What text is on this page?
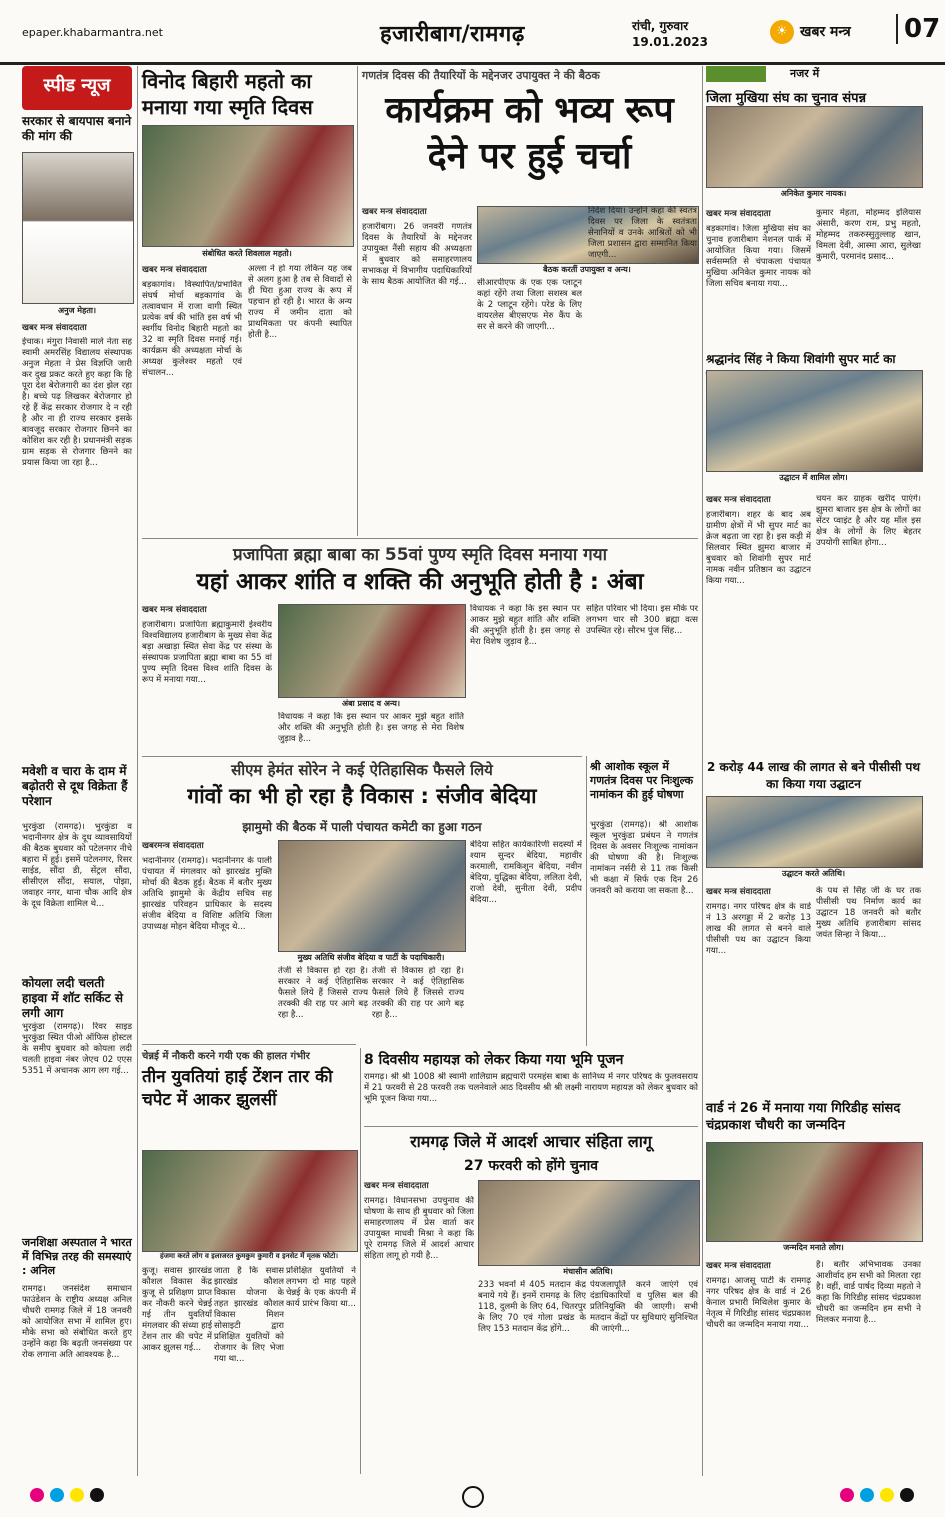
epaper.khabarmantra.net	हजारीबाग/रामगढ़	रांची, गुरुवार
19.01.2023
☀ खबर मन्त्र	07
स्पीड न्यूज
सरकार से बायपास बनाने की मांग की
अनुज मेहता।
खबर मन्त्र संवाददाता
ईचाक। मंगुरा निवासी माले नेता सह स्वामी अमरसिंह विद्यालय संस्थापक अनुज मेहता ने प्रेस विज्ञप्ति जारी कर दुख प्रकट करते हुए कहा कि हि पूरा देश बेरोजगारी का दंश झेल रहा है। बच्चे पढ़ लिखकर बेरोजगार हो रहे हैं केंद्र सरकार रोजगार दे न रही है और ना ही राज्य सरकार इसके बावजूद सरकार रोजगार छिनने का कोशिश कर रही है। प्रधानमंत्री सड़क ग्राम सड़क से रोजगार छिनने का प्रयास किया जा रहा है...
मवेशी व चारा के दाम में बढ़ोतरी से दूध विक्रेता हैं परेशान
भुरकुंडा (रामगढ़)। भुरकुंडा व भदानीनगर क्षेत्र के दूध व्यावसायियों की बैठक बुधवार को पटेलनगर नीचे बहारा में हुई। इसमें पटेलनगर, रिसर साईड, सौंदा डी, सेंट्रल सौंदा, सीसीएल सौंदा, सयाल, पोझा, जवाहर नगर, थाना चौक आदि क्षेत्र के दूध विक्रेता शामिल थे...
कोयला लदी चलती हाइवा में शॉट सर्किट से लगी आग
भुरकुंडा (रामगढ़)। रिवर साइड भुरकुंडा स्थित पीओ ऑफिस होस्टल के समीप बुधवार को कोयला लदी चलती हाइवा नंबर जेएच 02 एएस 5351 में अचानक आग लग गई...
जनशिक्षा अस्पताल ने भारत में विभिन्न तरह की समस्याएं : अनिल
रामगढ़। जनसंदेश समाधान फाउंडेशन के राष्ट्रीय अध्यक्ष अनिल चौधरी रामगढ़ जिले में 18 जनवरी को आयोजित सभा में शामिल हुए। मौके सभा को संबोधित करते हुए उन्होंने कहा कि बढ़ती जनसंख्या पर रोक लगाना अति आवश्यक है...
विनोद बिहारी महतो का मनाया गया स्मृति दिवस
संबोधित करते शिवलाल महतो।
खबर मन्त्र संवाददाता
बड़कागांव। विस्थापित/प्रभावित संघर्ष मोर्चा बड़कागांव के तत्वावधान में राजा वागी स्थित प्रत्येक वर्ष की भांति इस वर्ष भी स्वर्गीय विनोद बिहारी महतो का 32 वा स्मृति दिवस मनाई गई। कार्यक्रम की अध्यक्षता मोर्चा के अध्यक्ष कुलेश्वर महतो एवं संचालन...
अल्ला ने हो गया लेकिन यह जब से अलग हुआ है तब से विवादों से ही घिरा हुआ राज्य के रूप में पहचान हो रही है। भारत के अन्य राज्य में जमीन दाता को प्राथमिकता पर कंपनी स्थापित होती है...
गणतंत्र दिवस की तैयारियों के मद्देनजर उपायुक्त ने की बैठक
कार्यक्रम को भव्य रूप देने पर हुई चर्चा
खबर मन्त्र संवाददाता
हजारीबाग। 26 जनवरी गणतंत्र दिवस के तैयारियों के मद्देनजर उपायुक्त नैंसी सहाय की अध्यक्षता में बुधवार को समाहरणालय सभाकक्ष में विभागीय पदाधिकारियों के साथ बैठक आयोजित की गई...
बैठक करतीं उपायुक्त व अन्य।
सीआरपीएफ के एक एक प्लाटून कहां रहेंगे तथा जिला सशस्त्र बल के 2 प्लाटून रहेंगे। परेड के लिए वायरलेस बीएसएफ मेरु कैंप के सर से करने की जाएगी...
निर्देश दिया। उन्होंने कहा की स्वतंत्र दिवस पर जिला के स्वतंत्रता सेनानियों व उनके आश्रितों को भी जिला प्रशासन द्वारा सम्मानित किया जाएगी...
नजर में
जिला मुखिया संघ का चुनाव संपन्न
अनिकेत कुमार नायक।
खबर मन्त्र संवाददाता
बड़कागांव। जिला मुखिया संघ का चुनाव हजारीबाग नेशनल पार्क में आयोजित किया गया। जिसमें सर्वसम्मति से चंपाकला पंचायत मुखिया अनिकेत कुमार नायक को जिला सचिव बनाया गया...
कुमार मेहता, मोहम्मद इलियास अंसारी, करण राम, प्रभु महतो, मोहम्मद तकरुस्सुतुल्लाह खान, विमला देवी, आस्मा आरा, सुलेखा कुमारी, परमानंद प्रसाद...
श्रद्धानंद सिंह ने किया शिवांगी सुपर मार्ट का
उद्घाटन में शामिल लोग।
खबर मन्त्र संवाददाता
हजारीबाग। शहर के बाद अब ग्रामीण क्षेत्रों में भी सुपर मार्ट का क्रेज बढ़ता जा रहा है। इस कड़ी में सिलवार स्थित झुमरा बाजार में बुधवार को शिवांगी सुपर मार्ट नामक नवीन प्रतिष्ठान का उद्घाटन किया गया...
चयन कर ग्राहक खरीद पाएंगे। झुमरा बाजार इस क्षेत्र के लोगों का सेंटर प्वाइंट है और यह मॉल इस क्षेत्र के लोगों के लिए बेहतर उपयोगी साबित होगा...
प्रजापिता ब्रह्मा बाबा का 55वां पुण्य स्मृति दिवस मनाया गया
यहां आकर शांति व शक्ति की अनुभूति होती है : अंबा
खबर मन्त्र संवाददाता
हजारीबाग। प्रजापिता ब्रह्माकुमारी ईश्वरीय विश्वविद्यालय हजारीबाग के मुख्य सेवा केंद्र बड़ा अखाड़ा स्थित सेवा केंद्र पर संस्था के संस्थापक प्रजापिता ब्रह्मा बाबा का 55 वां पुण्य स्मृति दिवस विश्व शांति दिवस के रूप में मनाया गया...
अंबा प्रसाद व अन्य।
विधायक ने कहा कि इस स्थान पर आकर मुझे बहुत शांति और शक्ति की अनुभूति होती है। इस जगह से मेरा विशेष जुड़ाव है...
विधायक ने कहा कि इस स्थान पर आकर मुझे बहुत शांति और शक्ति की अनुभूति होती है। इस जगह से मेरा विशेष जुड़ाव है...
सहित परिवार भी दिया। इस मौके पर लगभग चार सौ 300 ब्रह्मा वत्स उपस्थित रहे। सौरभ पुंज सिंह...
सीएम हेमंत सोरेन ने कई ऐतिहासिक फैसले लिये
गांवों का भी हो रहा है विकास : संजीव बेदिया
झामुमो की बैठक में पाली पंचायत कमेटी का हुआ गठन
खबरमन्त्र संवाददाता
भदानीनगर (रामगढ़)। भदानीनगर के पाली पंचायत में मंगलवार को झारखंड मुक्ति मोर्चा की बैठक हुई। बैठक में बतौर मुख्य अतिथि झामुमो के केंद्रीय सचिव सह झारखंड परिवहन प्राधिकार के सदस्य संजीव बेदिया व विशिष्ट अतिथि जिला उपाध्यक्ष मोहन बेदिया मौजूद थे...
मुख्य अतिथि संजीव बेदिया व पार्टी के पदाधिकारी।
तेजी से विकास हो रहा है। सरकार ने कई ऐतिहासिक फैसले लिये हैं जिससे राज्य तरक्की की राह पर आगे बढ़ रहा है...
तेजी से विकास हो रहा है। सरकार ने कई ऐतिहासिक फैसले लिये हैं जिससे राज्य तरक्की की राह पर आगे बढ़ रहा है...
बेदिया सहित कार्यकारिणी सदस्यों में श्याम सुन्दर बेदिया, महावीर करमाली, रामकिशुन बेदिया, नवीन बेदिया, युद्धिका बेदिया, ललिता देवी, राजो देवी, सुनीता देवी, प्रदीप बेदिया...
श्री आशोक स्कूल में गणतंत्र दिवस पर निःशुल्क नामांकन की हुई घोषणा
भुरकुंडा (रामगढ़)। श्री आशोक स्कूल भुरकुंडा प्रबंधन ने गणतंत्र दिवस के अवसर निःशुल्क नामांकन की घोषणा की है। निःशुल्क नामांकन नर्सरी से 11 तक किसी भी कक्षा में सिर्फ एक दिन 26 जनवरी को कराया जा सकता है...
2 करोड़ 44 लाख की लागत से बने पीसीसी पथ का किया गया उद्घाटन
उद्घाटन करते अतिथि।
खबर मन्त्र संवाददाता
रामगढ़। नगर परिषद क्षेत्र के वार्ड नं 13 अरगड्डा में 2 करोड़ 13 लाख की लागत से बनने वाले पीसीसी पथ का उद्घाटन किया गया...
के पथ से सिंह जी के घर तक पीसीसी पथ निर्माण कार्य का उद्घाटन 18 जनवरी को बतौर मुख्य अतिथि हजारीबाग सांसद जयंत सिन्हा ने किया...
चेन्नई में नौकरी करने गयी एक की हालत गंभीर
तीन युवतियां हाई टेंशन तार की चपेट में आकर झुलसीं
हंजमा करते लोग व इलाजरत कुमकुम कुमारी व इनसेट में मृतक फोटो।
कुजू। सवास झारखंड कौशल विकास केंद्र कुजू से प्रशिक्षण प्राप्त कर नौकरी करने चेन्नई गई तीन युवतियाँ मंगलवार की संध्या हाई टेंशन तार की चपेट में आकर झुलस गई...
जाता है कि सवास झारखंड कौशल विकास योजना के तहत झारखंड कौशल विकास मिशन सोसाइटी द्वारा प्रशिक्षित युवतियों को रोजगार के लिए भेजा गया था...
प्रशिक्षित युवतियों ने लगभग दो माह पहले चेन्नई के एक कंपनी में कार्य प्रारंभ किया था...
8 दिवसीय महायज्ञ को लेकर किया गया भूमि पूजन
रामगढ़। श्री श्री 1008 श्री स्वामी शालिग्राम ब्रह्मचारी परमहंस बाबा के सानिध्य में नगर परिषद के फुलवसराय में 21 फरवरी से 28 फरवरी तक चलनेवाले आठ दिवसीय श्री श्री लक्ष्मी नारायण महायज्ञ को लेकर बुधवार को भूमि पूजन किया गया...
रामगढ़ जिले में आदर्श आचार संहिता लागू
27 फरवरी को होंगे चुनाव
खबर मन्त्र संवाददाता
रामगढ़। विधानसभा उपचुनाव की घोषणा के साथ ही बुधवार को जिला समाहरणालय में प्रेस वार्ता कर उपायुक्त माधवी मिश्रा ने कहा कि पूरे रामगढ़ जिले में आदर्श आचार संहिता लागू हो गयी है...
मंचासीन अतिथि।
233 भवनों में 405 मतदान केंद्र बनाये गये हैं। इनमें रामगढ़ के लिए 118, दुलमी के लिए 64, चितरपुर के लिए 70 एवं गोला प्रखंड के लिए 153 मतदान केंद्र होंगे...
पेयजलापूर्ति करने जाएंगे एवं दंडाधिकारियों व पुलिस बल की प्रतिनियुक्ति की जाएगी। सभी मतदान केंद्रों पर सुविधाएं सुनिश्चित की जाएंगी...
वार्ड नं 26 में मनाया गया गिरिडीह सांसद चंद्रप्रकाश चौधरी का जन्मदिन
जन्मदिन मनाते लोग।
खबर मन्त्र संवाददाता
रामगढ़। आजसू पार्टी के रामगढ़ नगर परिषद क्षेत्र के वार्ड नं 26 केनाल प्रभारी मिथिलेश कुमार के नेतृत्व में गिरिडीह सांसद चंद्रप्रकाश चौधरी का जन्मदिन मनाया गया...
है। बतौर अभिभावक उनका आशीर्वाद हम सभी को मिलता रहा है। वहीं, वार्ड पार्षद दिव्या महतो ने कहा कि गिरिडीह सांसद चंद्रप्रकाश चौधरी का जन्मदिन हम सभी ने मिलकर मनाया है...
